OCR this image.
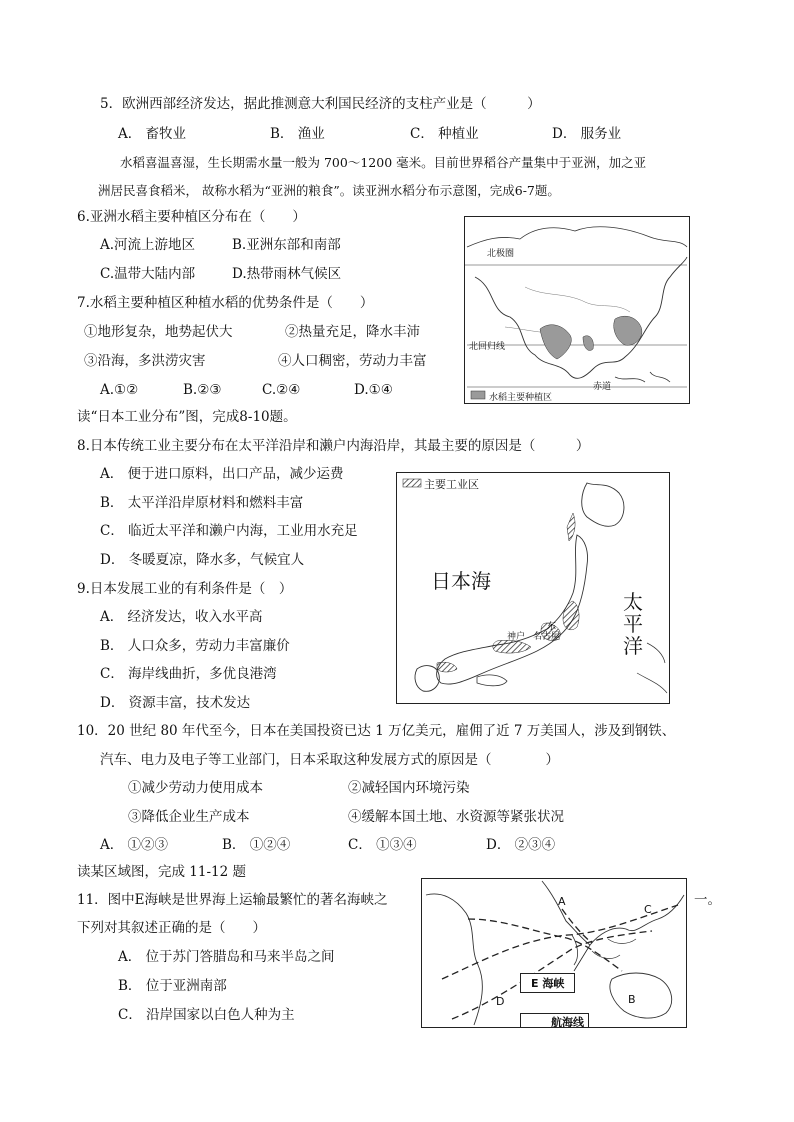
5．欧洲西部经济发达，据此推测意大利国民经济的支柱产业是（　　　）
A． 畜牧业	B． 渔业	C． 种植业	D． 服务业
水稻喜温喜湿，生长期需水量一般为 700～1200 毫米。目前世界稻谷产量集中于亚洲，加之亚
洲居民喜食稻米， 故称水稻为“亚洲的粮食”。读亚洲水稻分布示意图，完成6-7题。
6.亚洲水稻主要种植区分布在（　　）
A.河流上游地区	B.亚洲东部和南部
C.温带大陆内部	D.热带雨林气候区
7.水稻主要种植区种植水稻的优势条件是（　　）
①地形复杂，地势起伏大	②热量充足，降水丰沛
③沿海，多洪涝灾害	④人口稠密，劳动力丰富
A.①②	B.②③	C.②④	D.①④
北极圈
北回归线
赤道
水稻主要种植区
读“日本工业分布”图，完成8-10题。
8.日本传统工业主要分布在太平洋沿岸和濑户内海沿岸，其最主要的原因是（　　　）
A． 便于进口原料，出口产品，减少运费
B． 太平洋沿岸原材料和燃料丰富
C． 临近太平洋和濑户内海，工业用水充足
D． 冬暖夏凉，降水多，气候宜人
主要工业区
日本海
太平洋
神户 名古屋
东
9.日本发展工业的有利条件是（　）
A． 经济发达，收入水平高
B． 人口众多，劳动力丰富廉价
C． 海岸线曲折，多优良港湾
D． 资源丰富，技术发达
10．20 世纪 80 年代至今，日本在美国投资已达 1 万亿美元，雇佣了近 7 万美国人，涉及到钢铁、
汽车、电力及电子等工业部门，日本采取这种发展方式的原因是（　　　　）
①减少劳动力使用成本	②减轻国内环境污染
③降低企业生产成本	④缓解本国土地、水资源等紧张状况
A． ①②③	B． ①②④	C． ①③④	D． ②③④
读某区域图，完成 11-12 题
11．图中E海峡是世界海上运输最繁忙的著名海峡之	一。
下列对其叙述正确的是（　　）
A． 位于苏门答腊岛和马来半岛之间
B． 位于亚洲南部
C． 沿岸国家以白色人种为主
A
C
B
D
E 海峡
航海线
